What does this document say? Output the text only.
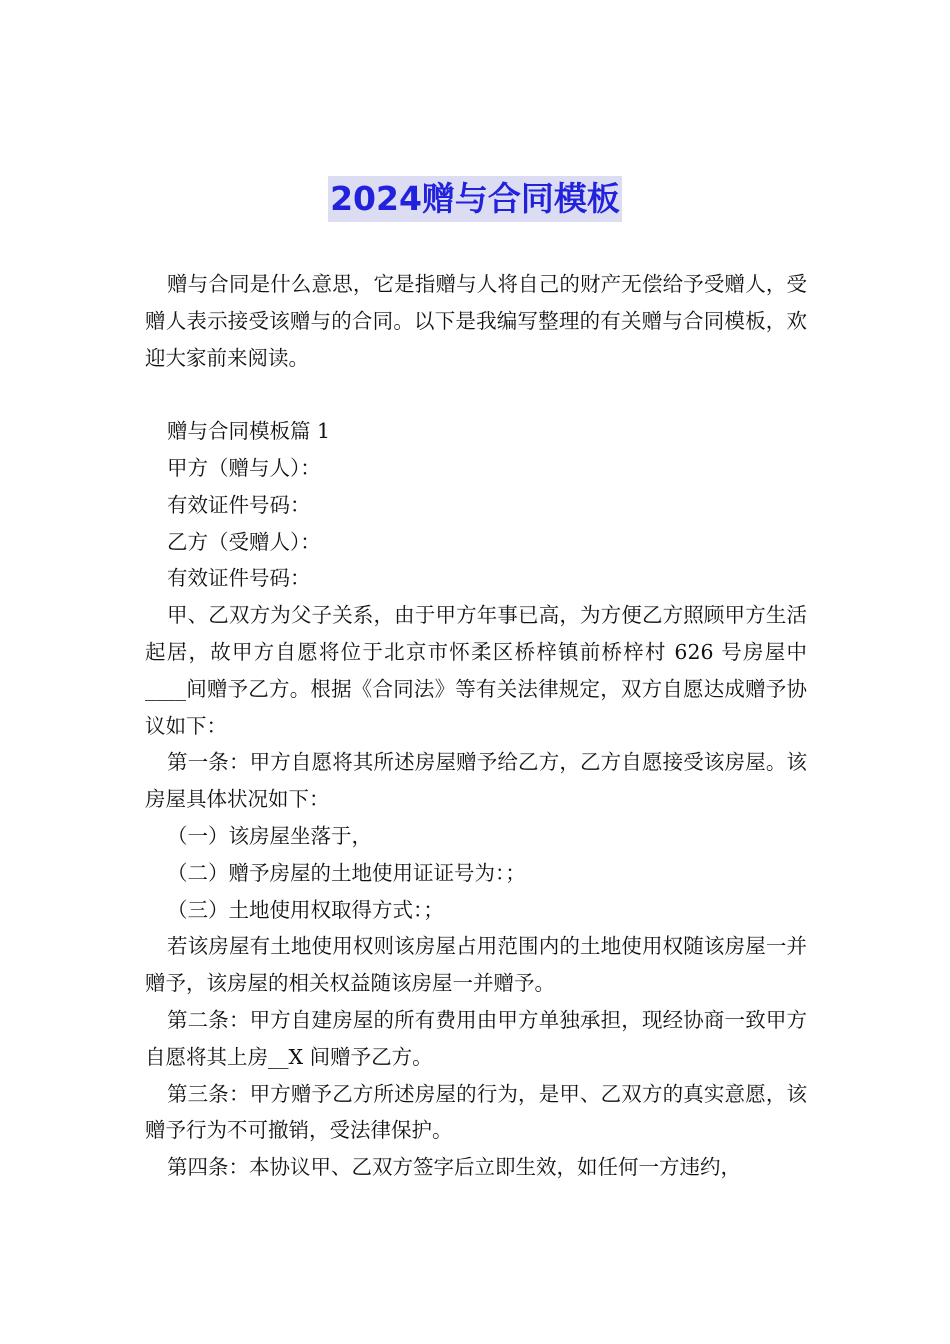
2024赠与合同模板

赠与合同是什么意思，它是指赠与人将自己的财产无偿给予受赠人，受赠人表示接受该赠与的合同。以下是我编写整理的有关赠与合同模板，欢迎大家前来阅读。

赠与合同模板篇 1

甲方（赠与人）：

有效证件号码：

乙方（受赠人）：

有效证件号码：

甲、乙双方为父子关系，由于甲方年事已高，为方便乙方照顾甲方生活起居，故甲方自愿将位于北京市怀柔区桥梓镇前桥梓村 626 号房屋中____间赠予乙方。根据《合同法》等有关法律规定，双方自愿达成赠予协议如下：

第一条：甲方自愿将其所述房屋赠予给乙方，乙方自愿接受该房屋。该房屋具体状况如下：

（一）该房屋坐落于，

（二）赠予房屋的土地使用证证号为：；

（三）土地使用权取得方式：；

若该房屋有土地使用权则该房屋占用范围内的土地使用权随该房屋一并赠予，该房屋的相关权益随该房屋一并赠予。

第二条：甲方自建房屋的所有费用由甲方单独承担，现经协商一致甲方自愿将其上房__X 间赠予乙方。

第三条：甲方赠予乙方所述房屋的行为，是甲、乙双方的真实意愿，该赠予行为不可撤销，受法律保护。

第四条：本协议甲、乙双方签字后立即生效，如任何一方违约，
